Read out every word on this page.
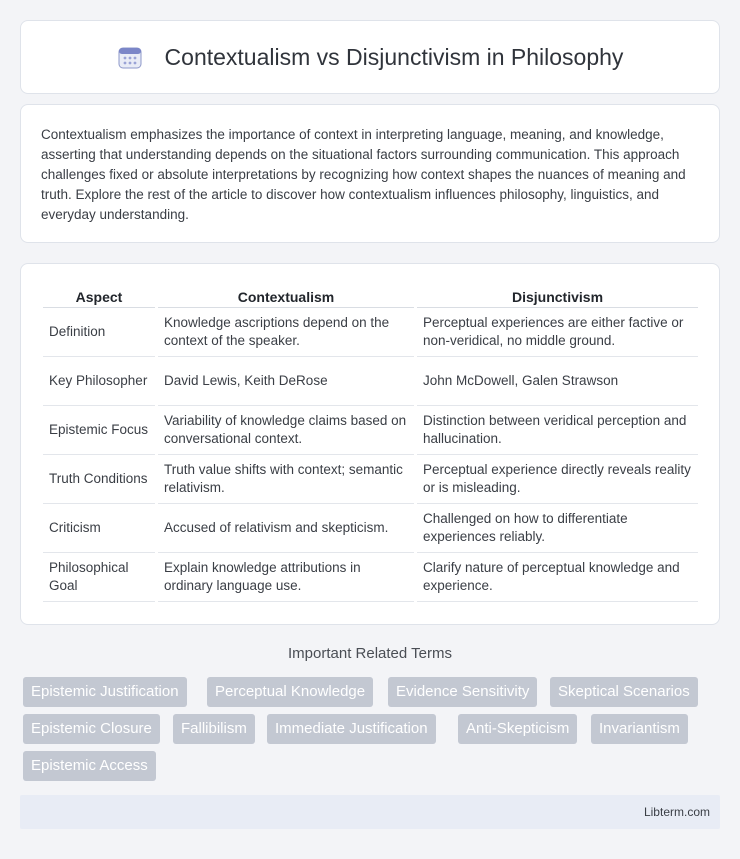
Contextualism vs Disjunctivism in Philosophy

Contextualism emphasizes the importance of context in interpreting language, meaning, and knowledge, asserting that understanding depends on the situational factors surrounding communication. This approach challenges fixed or absolute interpretations by recognizing how context shapes the nuances of meaning and truth. Explore the rest of the article to discover how contextualism influences philosophy, linguistics, and everyday understanding.

Aspect		Contextualism		Disjunctivism
Definition		Knowledge ascriptions depend on the context of the speaker.		Perceptual experiences are either factive or non-veridical, no middle ground.
Key Philosopher		David Lewis, Keith DeRose		John McDowell, Galen Strawson
Epistemic Focus		Variability of knowledge claims based on conversational context.		Distinction between veridical perception and hallucination.
Truth Conditions		Truth value shifts with context; semantic relativism.		Perceptual experience directly reveals reality or is misleading.
Criticism		Accused of relativism and skepticism.		Challenged on how to differentiate experiences reliably.
Philosophical Goal		Explain knowledge attributions in ordinary language use.		Clarify nature of perceptual knowledge and experience.
Important Related Terms
Epistemic Justification	Perceptual Knowledge	Evidence Sensitivity	Skeptical Scenarios
Epistemic Closure	Fallibilism	Immediate Justification	Anti-Skepticism	Invariantism
Epistemic Access
Libterm.com
